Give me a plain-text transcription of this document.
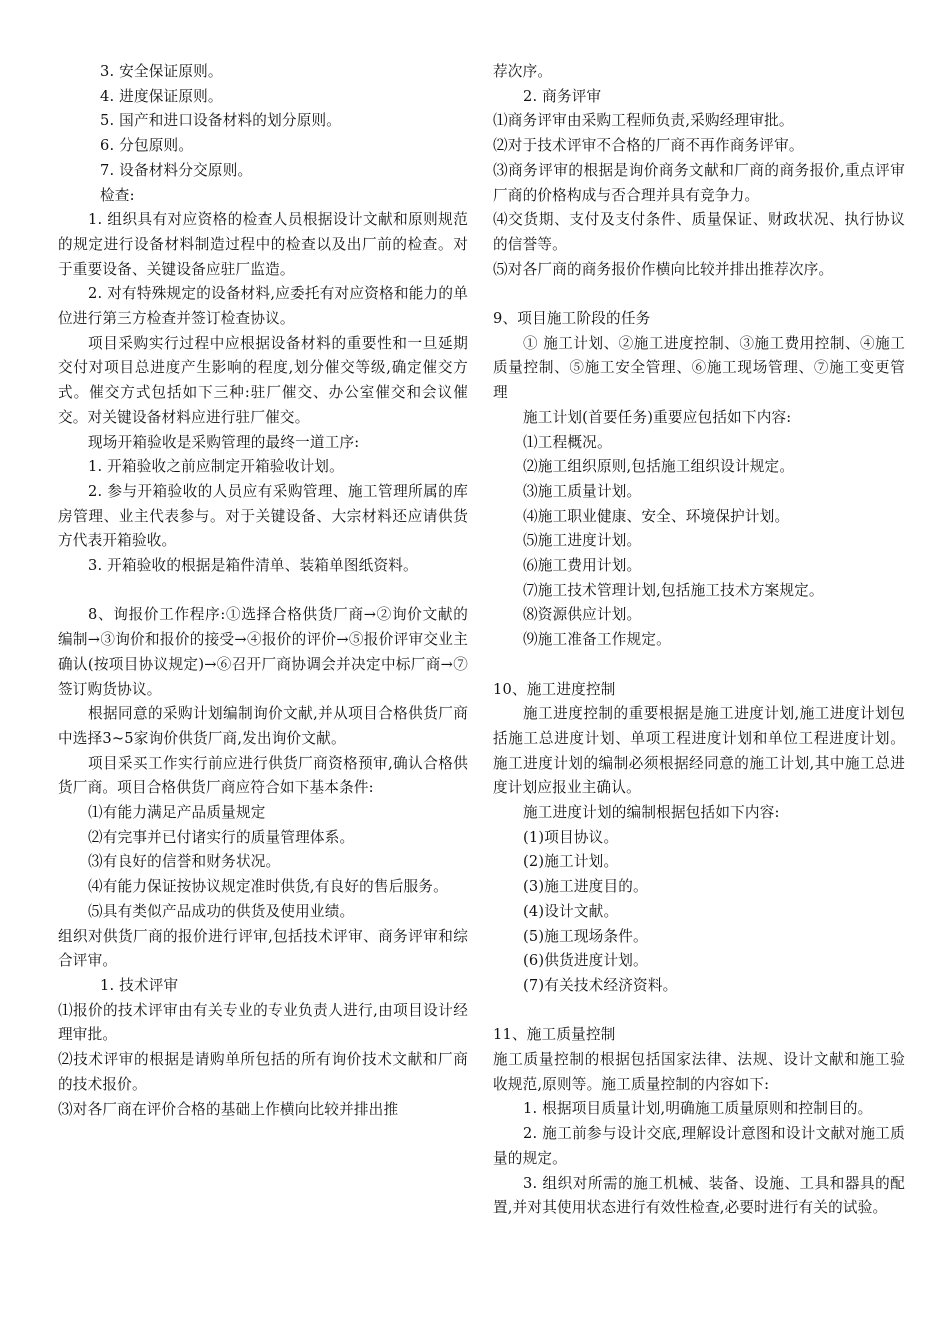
3. 安全保证原则。

4. 进度保证原则。

5. 国产和进口设备材料的划分原则。

6. 分包原则。

7. 设备材料分交原则。

检查:

1. 组织具有对应资格的检查人员根据设计文献和原则规范的规定进行设备材料制造过程中的检查以及出厂前的检查。对于重要设备、关键设备应驻厂监造。

2. 对有特殊规定的设备材料,应委托有对应资格和能力的单位进行第三方检查并签订检查协议。

项目采购实行过程中应根据设备材料的重要性和一旦延期交付对项目总进度产生影响的程度,划分催交等级,确定催交方式。催交方式包括如下三种:驻厂催交、办公室催交和会议催交。对关键设备材料应进行驻厂催交。

现场开箱验收是采购管理的最终一道工序:

1. 开箱验收之前应制定开箱验收计划。

2. 参与开箱验收的人员应有采购管理、施工管理所属的库房管理、业主代表参与。对于关键设备、大宗材料还应请供货方代表开箱验收。

3. 开箱验收的根据是箱件清单、装箱单图纸资料。

8、询报价工作程序:①选择合格供货厂商→②询价文献的编制→③询价和报价的接受→④报价的评价→⑤报价评审交业主确认(按项目协议规定)→⑥召开厂商协调会并决定中标厂商→⑦签订购货协议。

根据同意的采购计划编制询价文献,并从项目合格供货厂商中选择3~5家询价供货厂商,发出询价文献。

项目采买工作实行前应进行供货厂商资格预审,确认合格供货厂商。项目合格供货厂商应符合如下基本条件:

⑴有能力满足产品质量规定

⑵有完事并已付诸实行的质量管理体系。

⑶有良好的信誉和财务状况。

⑷有能力保证按协议规定准时供货,有良好的售后服务。

⑸具有类似产品成功的供货及使用业绩。

组织对供货厂商的报价进行评审,包括技术评审、商务评审和综合评审。

1. 技术评审

⑴报价的技术评审由有关专业的专业负责人进行,由项目设计经理审批。

⑵技术评审的根据是请购单所包括的所有询价技术文献和厂商的技术报价。

⑶对各厂商在评价合格的基础上作横向比较并排出推

荐次序。

2. 商务评审

⑴商务评审由采购工程师负责,采购经理审批。

⑵对于技术评审不合格的厂商不再作商务评审。

⑶商务评审的根据是询价商务文献和厂商的商务报价,重点评审厂商的价格构成与否合理并具有竞争力。

⑷交货期、支付及支付条件、质量保证、财政状况、执行协议的信誉等。

⑸对各厂商的商务报价作横向比较并排出推荐次序。

9、项目施工阶段的任务

① 施工计划、②施工进度控制、③施工费用控制、④施工质量控制、⑤施工安全管理、⑥施工现场管理、⑦施工变更管理

施工计划(首要任务)重要应包括如下内容:

⑴工程概况。

⑵施工组织原则,包括施工组织设计规定。

⑶施工质量计划。

⑷施工职业健康、安全、环境保护计划。

⑸施工进度计划。

⑹施工费用计划。

⑺施工技术管理计划,包括施工技术方案规定。

⑻资源供应计划。

⑼施工准备工作规定。

10、施工进度控制

施工进度控制的重要根据是施工进度计划,施工进度计划包括施工总进度计划、单项工程进度计划和单位工程进度计划。施工进度计划的编制必须根据经同意的施工计划,其中施工总进度计划应报业主确认。

施工进度计划的编制根据包括如下内容:

(1)项目协议。

(2)施工计划。

(3)施工进度目的。

(4)设计文献。

(5)施工现场条件。

(6)供货进度计划。

(7)有关技术经济资料。

11、施工质量控制

施工质量控制的根据包括国家法律、法规、设计文献和施工验收规范,原则等。施工质量控制的内容如下:

1. 根据项目质量计划,明确施工质量原则和控制目的。

2. 施工前参与设计交底,理解设计意图和设计文献对施工质量的规定。

3. 组织对所需的施工机械、装备、设施、工具和器具的配置,并对其使用状态进行有效性检查,必要时进行有关的试验。
